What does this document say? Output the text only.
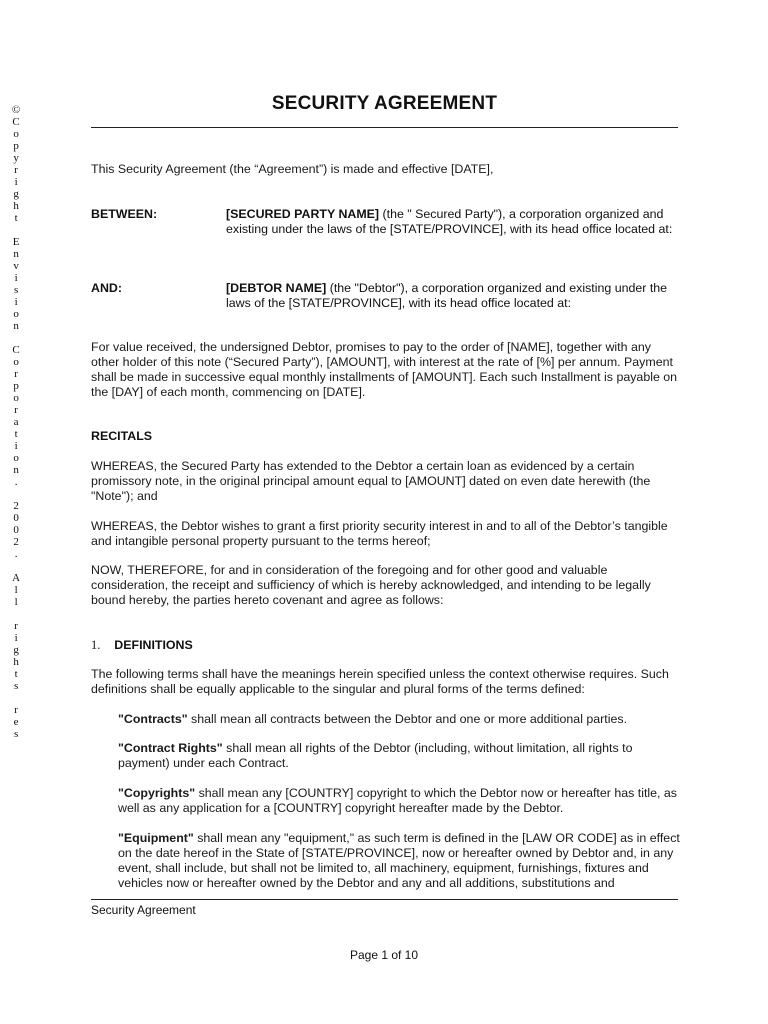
©Copyright Envision Corporation. 2002. All rights res
SECURITY AGREEMENT
This Security Agreement (the “Agreement”) is made and effective [DATE],
BETWEEN:	[SECURED PARTY NAME] (the " Secured Party"), a corporation organized and existing under the laws of the [STATE/PROVINCE], with its head office located at:
AND:	[DEBTOR NAME] (the "Debtor"), a corporation organized and existing under the laws of the [STATE/PROVINCE], with its head office located at:
For value received, the undersigned Debtor, promises to pay to the order of [NAME], together with any other holder of this note (“Secured Party”), [AMOUNT], with interest at the rate of [%] per annum. Payment shall be made in successive equal monthly installments of [AMOUNT]. Each such Installment is payable on the [DAY] of each month, commencing on [DATE].
RECITALS
WHEREAS, the Secured Party has extended to the Debtor a certain loan as evidenced by a certain promissory note, in the original principal amount equal to [AMOUNT] dated on even date herewith (the "Note"); and
WHEREAS, the Debtor wishes to grant a first priority security interest in and to all of the Debtor’s tangible and intangible personal property pursuant to the terms hereof;
NOW, THEREFORE, for and in consideration of the foregoing and for other good and valuable consideration, the receipt and sufficiency of which is hereby acknowledged, and intending to be legally bound hereby, the parties hereto covenant and agree as follows:
1. DEFINITIONS
The following terms shall have the meanings herein specified unless the context otherwise requires. Such definitions shall be equally applicable to the singular and plural forms of the terms defined:
"Contracts" shall mean all contracts between the Debtor and one or more additional parties.
"Contract Rights" shall mean all rights of the Debtor (including, without limitation, all rights to payment) under each Contract.
"Copyrights" shall mean any [COUNTRY] copyright to which the Debtor now or hereafter has title, as well as any application for a [COUNTRY] copyright hereafter made by the Debtor.
"Equipment" shall mean any "equipment," as such term is defined in the [LAW OR CODE] as in effect on the date hereof in the State of [STATE/PROVINCE], now or hereafter owned by Debtor and, in any event, shall include, but shall not be limited to, all machinery, equipment, furnishings, fixtures and vehicles now or hereafter owned by the Debtor and any and all additions, substitutions and
Security Agreement
Page 1 of 10
